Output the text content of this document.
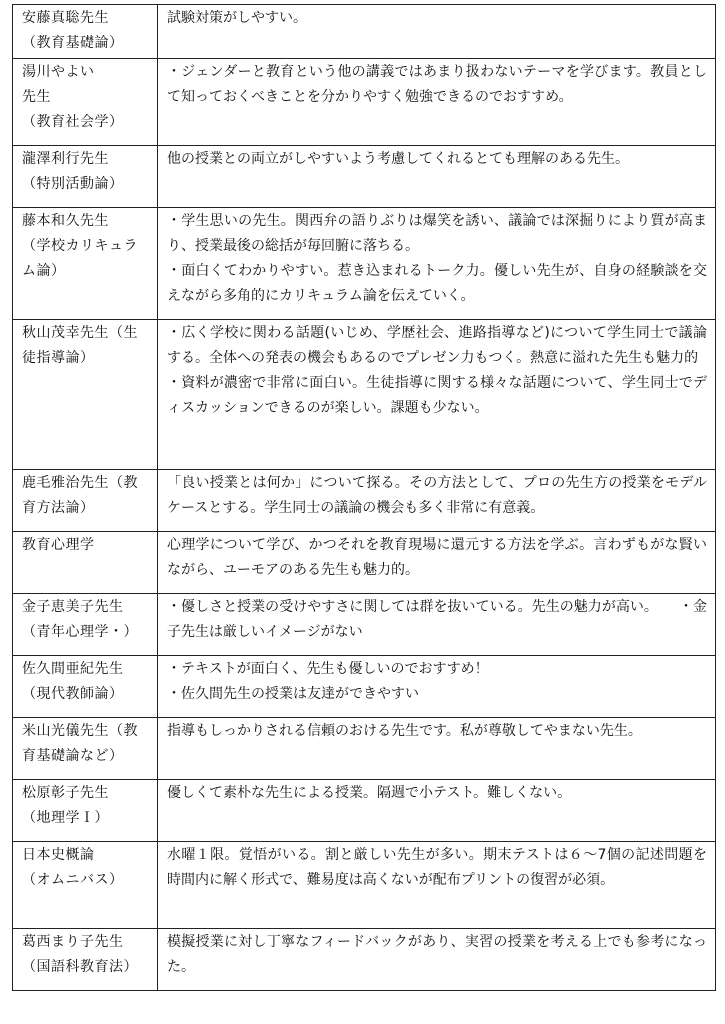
安藤真聡先生
（教育基礎論）	試験対策がしやすい。

湯川やよい
先生
（教育社会学）	・ジェンダーと教育という他の講義ではあまり扱わないテーマを学びます。教員として知っておくべきことを分かりやすく勉強できるのでおすすめ。

瀧澤利行先生
（特別活動論）	他の授業との両立がしやすいよう考慮してくれるとても理解のある先生。

藤本和久先生
（学校カリキュラム論）	・学生思いの先生。関西弁の語りぶりは爆笑を誘い、議論では深掘りにより質が高まり、授業最後の総括が毎回腑に落ちる。
・面白くてわかりやすい。惹き込まれるトーク力。優しい先生が、自身の経験談を交えながら多角的にカリキュラム論を伝えていく。

秋山茂幸先生（生徒指導論）	・広く学校に関わる話題(いじめ、学歴社会、進路指導など)について学生同士で議論する。全体への発表の機会もあるのでプレゼン力もつく。熱意に溢れた先生も魅力的
・資料が濃密で非常に面白い。生徒指導に関する様々な話題について、学生同士でディスカッションできるのが楽しい。課題も少ない。

鹿毛雅治先生（教育方法論）	「良い授業とは何か」について探る。その方法として、プロの先生方の授業をモデルケースとする。学生同士の議論の機会も多く非常に有意義。

教育心理学	心理学について学び、かつそれを教育現場に還元する方法を学ぶ。言わずもがな賢いながら、ユーモアのある先生も魅力的。

金子恵美子先生
（青年心理学・）	・優しさと授業の受けやすさに関しては群を抜いている。先生の魅力が高い。　　・金子先生は厳しいイメージがない

佐久間亜紀先生
（現代教師論）	・テキストが面白く、先生も優しいのでおすすめ！
・佐久間先生の授業は友達ができやすい

米山光儀先生（教育基礎論など）	指導もしっかりされる信頼のおける先生です。私が尊敬してやまない先生。

松原彰子先生
（地理学Ｉ）	優しくて素朴な先生による授業。隔週で小テスト。難しくない。

日本史概論
（オムニバス）	水曜１限。覚悟がいる。割と厳しい先生が多い。期末テストは６〜7個の記述問題を時間内に解く形式で、難易度は高くないが配布プリントの復習が必須。

葛西まり子先生
（国語科教育法）	模擬授業に対し丁寧なフィードバックがあり、実習の授業を考える上でも参考になった。
